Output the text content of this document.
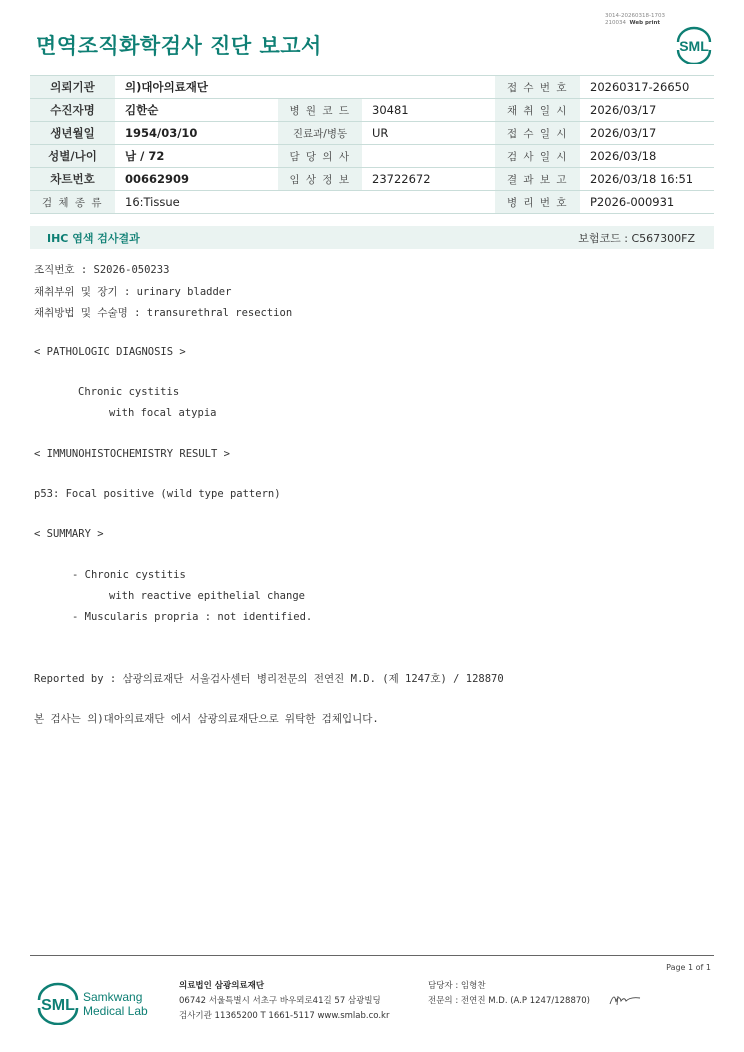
3014-20260318-1703
210034 Web print
면역조직화학검사 진단 보고서	SML
의뢰기관	의)대아의료재단			접 수 번 호	20260317-26650
수진자명	김한순	병 원 코 드	30481	채 취 일 시	2026/03/17
생년월일	1954/03/10	진료과/병동	UR	접 수 일 시	2026/03/17
성별/나이	남 / 72	담 당 의 사		검 사 일 시	2026/03/18
차트번호	00662909	임 상 정 보	23722672	결 과 보 고	2026/03/18 16:51
검 체 종 류	16:Tissue			병 리 번 호	P2026-000931
IHC 염색 검사결과	보험코드 : C567300FZ
조직번호 : S2026-050233
채취부위 및 장기 : urinary bladder
채취방법 및 수술명 : transurethral resection
< PATHOLOGIC DIAGNOSIS >
Chronic cystitis
with focal atypia
< IMMUNOHISTOCHEMISTRY RESULT >
p53: Focal positive (wild type pattern)
< SUMMARY >
- Chronic cystitis
with reactive epithelial change
- Muscularis propria : not identified.
Reported by : 삼광의료재단 서울검사센터 병리전문의 전연진 M.D. (제 1247호) / 128870
본 검사는 의)대아의료재단 에서 삼광의료재단으로 위탁한 검체입니다.
Page 1 of 1
SML Samkwang
Medical Lab
의료법인 삼광의료재단
06742 서울특별시 서초구 바우뫼로41길 57 삼광빌딩
검사기관 11365200 T 1661-5117 www.smlab.co.kr
담당자 : 임형찬
전문의 : 전연진 M.D. (A.P 1247/128870)
